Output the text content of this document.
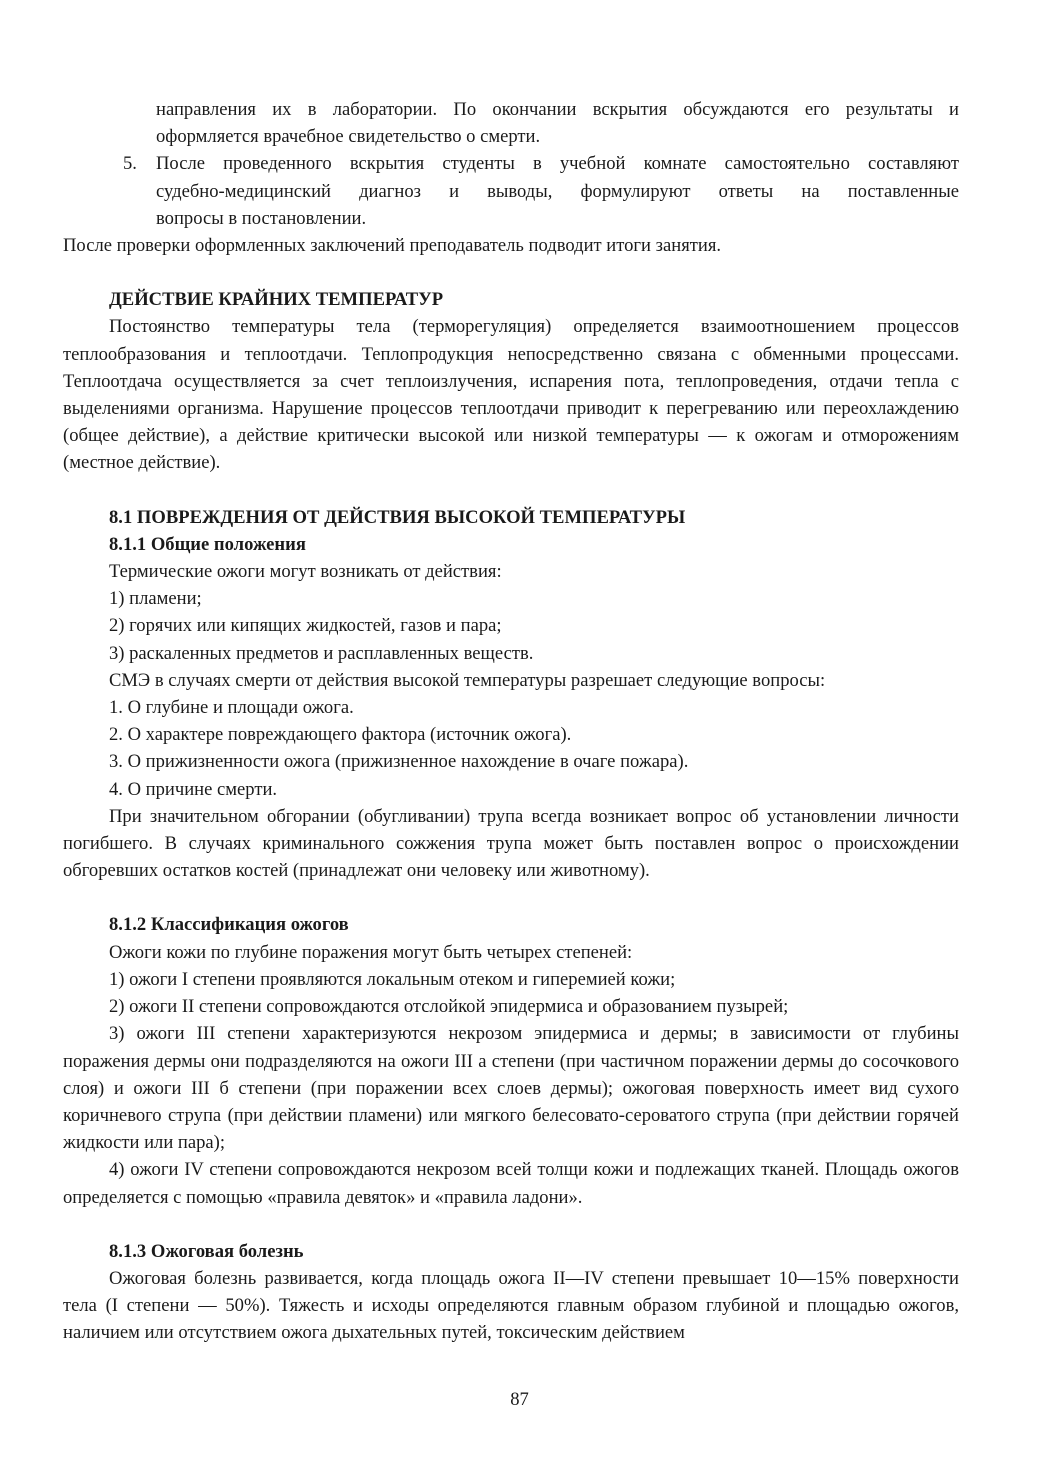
направления их в лаборатории. По окончании вскрытия обсуждаются его результаты и

оформляется врачебное свидетельство о смерти.

5. После проведенного вскрытия студенты в учебной комнате самостоятельно составляют

судебно-медицинский диагноз и выводы, формулируют ответы на поставленные

вопросы в постановлении.

После проверки оформленных заключений преподаватель подводит итоги занятия.

ДЕЙСТВИЕ КРАЙНИХ ТЕМПЕРАТУР

Постоянство температуры тела (терморегуляция) определяется взаимоотношением процессов теплообразования и теплоотдачи. Теплопродукция непосредственно связана с обменными процессами. Теплоотдача осуществляется за счет теплоизлучения, испарения пота, теплопроведения, отдачи тепла с выделениями организма. Нарушение процессов теплоотдачи приводит к перегреванию или переохлаждению (общее действие), а действие критически высокой или низкой температуры — к ожогам и отморожениям (местное действие).

8.1 ПОВРЕЖДЕНИЯ ОТ ДЕЙСТВИЯ ВЫСОКОЙ ТЕМПЕРАТУРЫ

8.1.1 Общие положения

Термические ожоги могут возникать от действия:

1) пламени;

2) горячих или кипящих жидкостей, газов и пара;

3) раскаленных предметов и расплавленных веществ.

СМЭ в случаях смерти от действия высокой температуры разрешает следующие вопросы:

1. О глубине и площади ожога.

2. О характере повреждающего фактора (источник ожога).

3. О прижизненности ожога (прижизненное нахождение в очаге пожара).

4. О причине смерти.

При значительном обгорании (обугливании) трупа всегда возникает вопрос об установлении личности погибшего. В случаях криминального сожжения трупа может быть поставлен вопрос о происхождении обгоревших остатков костей (принадлежат они человеку или животному).

8.1.2 Классификация ожогов

Ожоги кожи по глубине поражения могут быть четырех степеней:

1) ожоги I степени проявляются локальным отеком и гиперемией кожи;

2) ожоги II степени сопровождаются отслойкой эпидермиса и образованием пузырей;

3) ожоги III степени характеризуются некрозом эпидермиса и дермы; в зависимости от глубины поражения дермы они подразделяются на ожоги III а степени (при частичном поражении дермы до сосочкового слоя) и ожоги III б степени (при поражении всех слоев дермы); ожоговая поверхность имеет вид сухого коричневого струпа (при действии пламени) или мягкого белесовато-сероватого струпа (при действии горячей жидкости или пара);

4) ожоги IV степени сопровождаются некрозом всей толщи кожи и подлежащих тканей. Площадь ожогов определяется с помощью «правила девяток» и «правила ладони».

8.1.3 Ожоговая болезнь

Ожоговая болезнь развивается, когда площадь ожога II—IV степени превышает 10—15% поверхности тела (I степени — 50%). Тяжесть и исходы определяются главным образом глубиной и площадью ожогов, наличием или отсутствием ожога дыхательных путей, токсическим действием

87
